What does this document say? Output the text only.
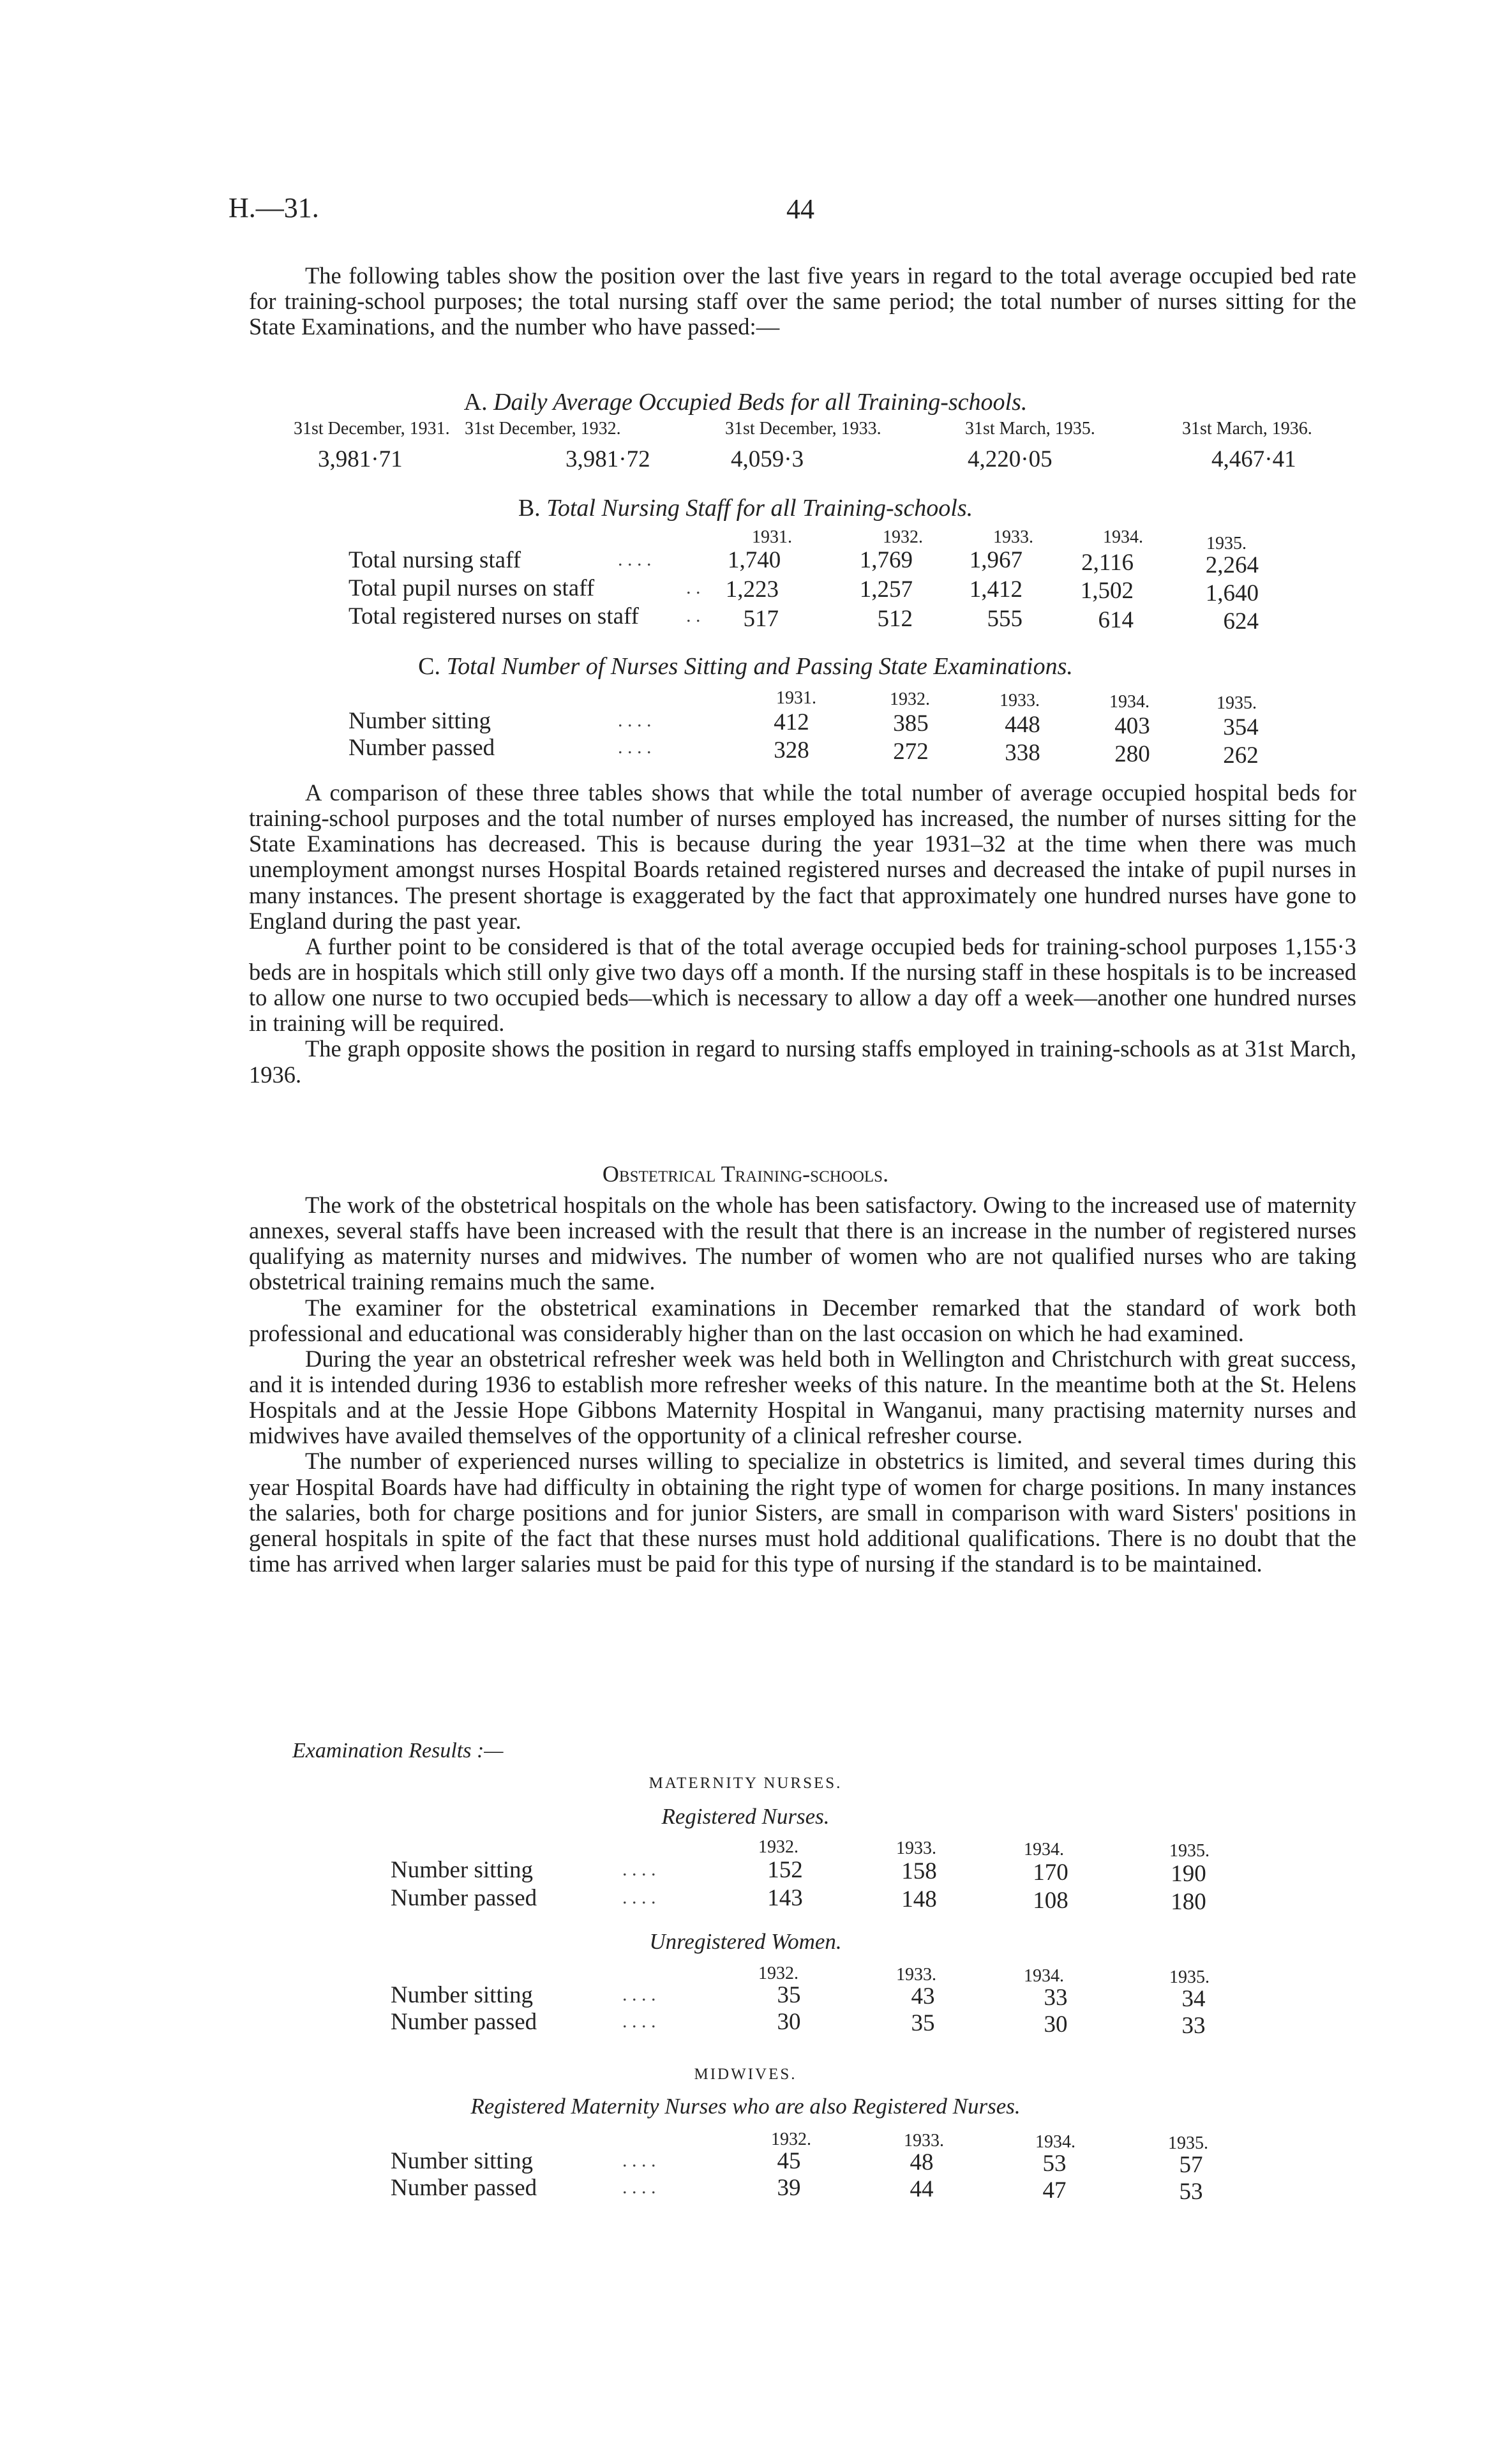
H.—31.	44

The following tables show the position over the last five years in regard to the total average occupied bed rate for training-school purposes; the total nursing staff over the same period; the total number of nurses sitting for the State Examinations, and the number who have passed:—

A. Daily Average Occupied Beds for all Training-schools.
31st December, 1931. 31st December, 1932.	31st December, 1933.	31st March, 1935.	31st March, 1936.
3,981·71	3,981·72	4,059·3	4,220·05	4,467·41
B. Total Nursing Staff for all Training-schools.
1931.	1932.	1933.	1934.	1935.
Total nursing staff	. . . .	1,740	1,769 1,967 2,116	2,264
Total pupil nurses on staff	. . 1,223	1,257 1,412 1,502	1,640
Total registered nurses on staff . .	517	512	555	614	624
C. Total Number of Nurses Sitting and Passing State Examinations.
1931.	1932.	1933.	1934.	1935.
Number sitting	. . . .	412	385	448	403	354
Number passed	. . . .	328	272	338	280	262

A comparison of these three tables shows that while the total number of average occupied hospital beds for training-school purposes and the total number of nurses employed has increased, the number of nurses sitting for the State Examinations has decreased. This is because during the year 1931–32 at the time when there was much unemployment amongst nurses Hospital Boards retained registered nurses and decreased the intake of pupil nurses in many instances. The present shortage is exaggerated by the fact that approximately one hundred nurses have gone to England during the past year.

A further point to be considered is that of the total average occupied beds for training-school purposes 1,155·3 beds are in hospitals which still only give two days off a month. If the nursing staff in these hospitals is to be increased to allow one nurse to two occupied beds—which is necessary to allow a day off a week—another one hundred nurses in training will be required.

The graph opposite shows the position in regard to nursing staffs employed in training-schools as at 31st March, 1936.

Obstetrical Training-schools.

The work of the obstetrical hospitals on the whole has been satisfactory. Owing to the increased use of maternity annexes, several staffs have been increased with the result that there is an increase in the number of registered nurses qualifying as maternity nurses and midwives. The number of women who are not qualified nurses who are taking obstetrical training remains much the same.

The examiner for the obstetrical examinations in December remarked that the standard of work both professional and educational was considerably higher than on the last occasion on which he had examined.

During the year an obstetrical refresher week was held both in Wellington and Christchurch with great success, and it is intended during 1936 to establish more refresher weeks of this nature. In the meantime both at the St. Helens Hospitals and at the Jessie Hope Gibbons Maternity Hospital in Wanganui, many practising maternity nurses and midwives have availed themselves of the opportunity of a clinical refresher course.

The number of experienced nurses willing to specialize in obstetrics is limited, and several times during this year Hospital Boards have had difficulty in obtaining the right type of women for charge positions. In many instances the salaries, both for charge positions and for junior Sisters, are small in comparison with ward Sisters' positions in general hospitals in spite of the fact that these nurses must hold additional qualifications. There is no doubt that the time has arrived when larger salaries must be paid for this type of nursing if the standard is to be maintained.

Examination Results :—
MATERNITY NURSES.
Registered Nurses.
1932.	1933.	1934.	1935.
Number sitting	. . . .	152	158	170	190
Number passed	. . . .	143	148	108	180
Unregistered Women.
1932.	1933.	1934.	1935.
Number sitting	. . . .	35	43	33	34
Number passed	. . . .	30	35	30	33
MIDWIVES.
Registered Maternity Nurses who are also Registered Nurses.
1932.	1933.	1934.	1935.
Number sitting	. . . .	45	48	53	57
Number passed	. . . .	39	44	47	53
